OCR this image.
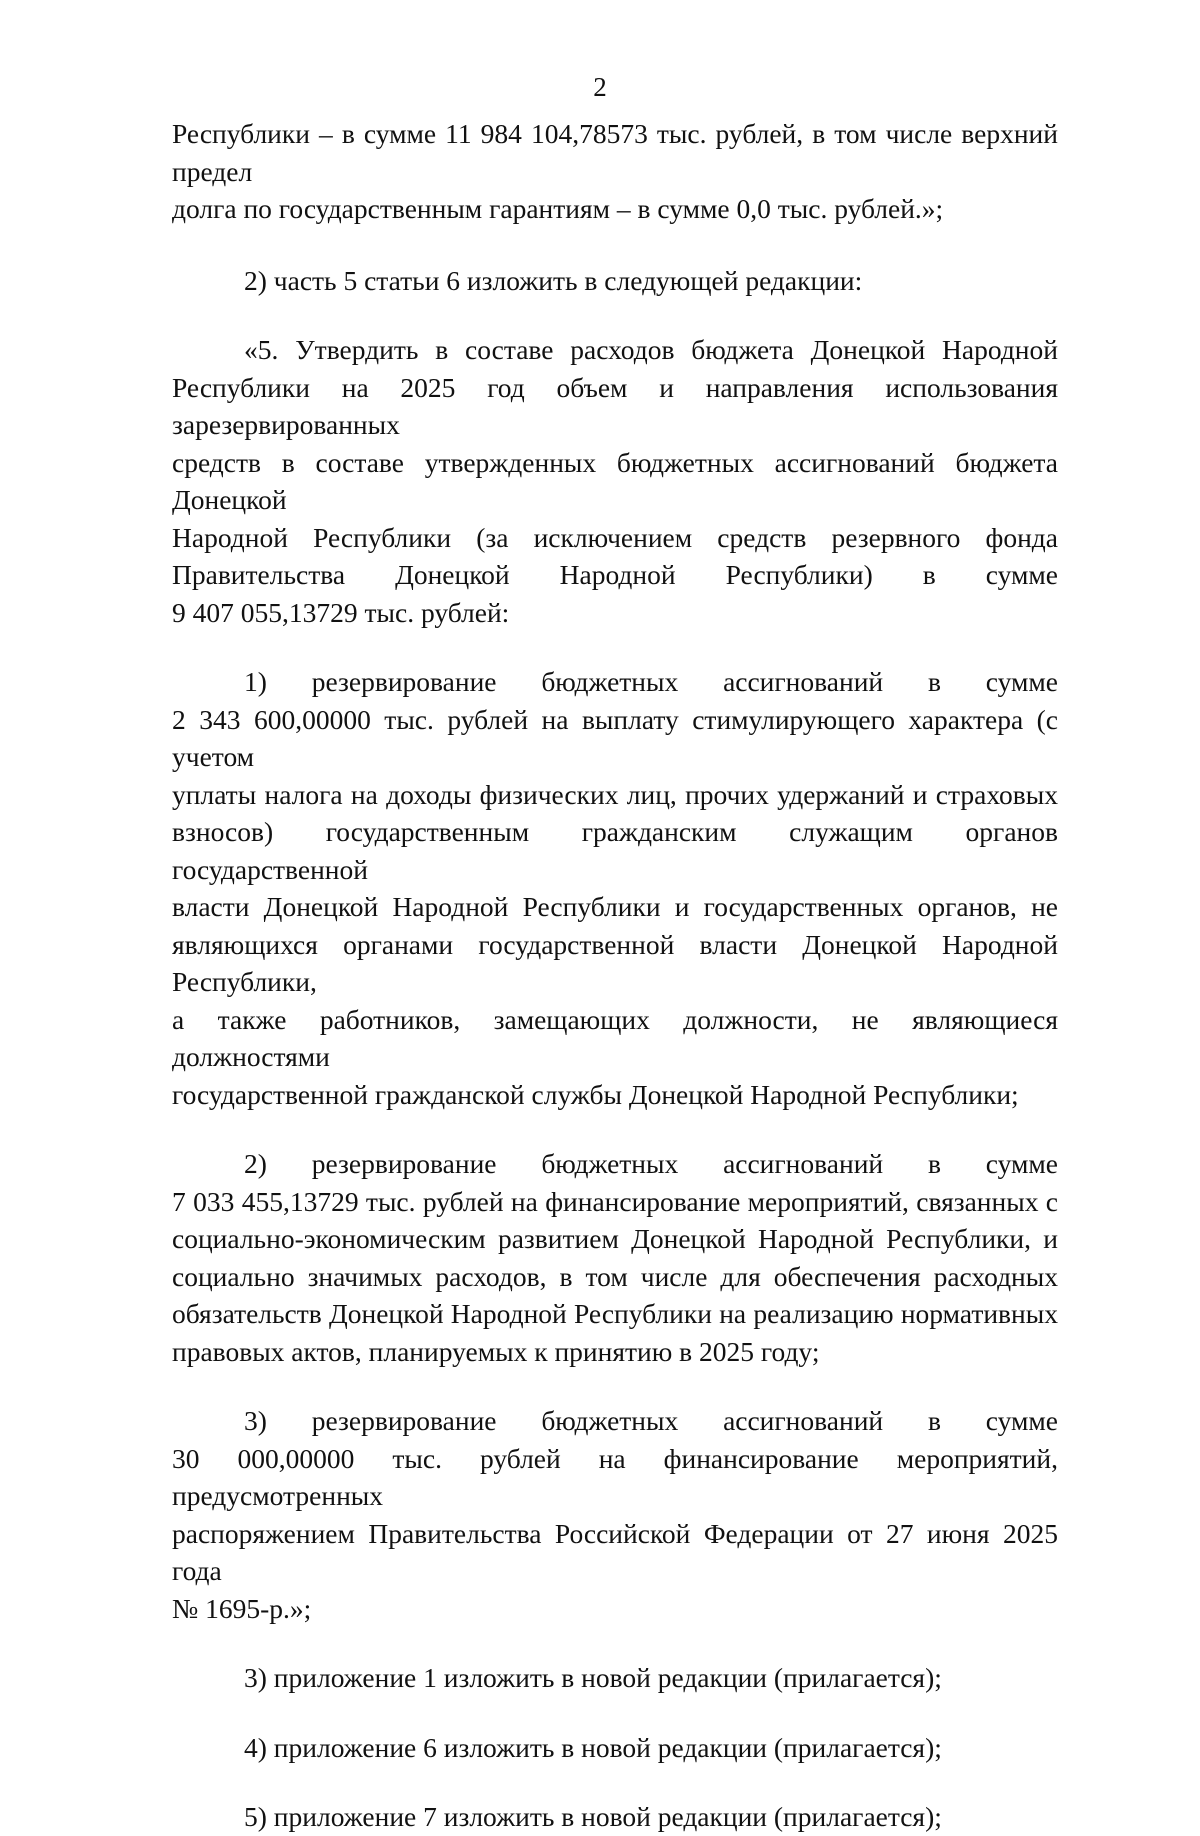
2

Республики – в сумме 11 984 104,78573 тыс. рублей, в том числе верхний предел
долга по государственным гарантиям – в сумме 0,0 тыс. рублей.»;

2) часть 5 статьи 6 изложить в следующей редакции:

«5. Утвердить в составе расходов бюджета Донецкой Народной
Республики на 2025 год объем и направления использования зарезервированных
средств в составе утвержденных бюджетных ассигнований бюджета Донецкой
Народной Республики (за исключением средств резервного фонда
Правительства Донецкой Народной Республики) в сумме
9 407 055,13729 тыс. рублей:

1) резервирование бюджетных ассигнований в сумме
2 343 600,00000 тыс. рублей на выплату стимулирующего характера (с учетом
уплаты налога на доходы физических лиц, прочих удержаний и страховых
взносов) государственным гражданским служащим органов государственной
власти Донецкой Народной Республики и государственных органов, не
являющихся органами государственной власти Донецкой Народной Республики,
а также работников, замещающих должности, не являющиеся должностями
государственной гражданской службы Донецкой Народной Республики;

2) резервирование бюджетных ассигнований в сумме
7 033 455,13729 тыс. рублей на финансирование мероприятий, связанных с
социально-экономическим развитием Донецкой Народной Республики, и
социально значимых расходов, в том числе для обеспечения расходных
обязательств Донецкой Народной Республики на реализацию нормативных
правовых актов, планируемых к принятию в 2025 году;

3) резервирование бюджетных ассигнований в сумме
30 000,00000 тыс. рублей на финансирование мероприятий, предусмотренных
распоряжением Правительства Российской Федерации от 27 июня 2025 года
№ 1695-р.»;

3) приложение 1 изложить в новой редакции (прилагается);

4) приложение 6 изложить в новой редакции (прилагается);

5) приложение 7 изложить в новой редакции (прилагается);
